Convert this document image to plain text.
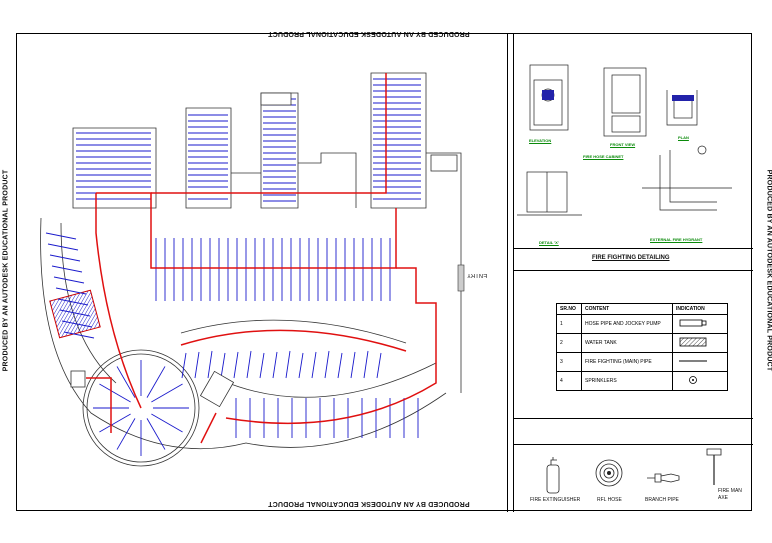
PRODUCED BY AN AUTODESK EDUCATIONAL PRODUCT
PRODUCED BY AN AUTODESK EDUCATIONAL PRODUCT
PRODUCED BY AN AUTODESK EDUCATIONAL PRODUCT	PRODUCED BY AN AUTODESK EDUCATIONAL PRODUCT
ENTRY
ELEVATION
FRONT VIEW
PLAN
FIRE HOSE CABINET
DETAIL 'X'
EXTERNAL FIRE HYDRANT
FIRE FIGHTING DETAILING
SR.NO	CONTENT	INDICATION
1	HOSE PIPE AND JOCKEY PUMP	
2	WATER TANK	
3	FIRE FIGHTING (MAIN) PIPE	
4	SPRINKLERS	
FIRE EXTINGUISHER	RFL HOSE	BRANCH PIPE
FIRE MAN AXE
